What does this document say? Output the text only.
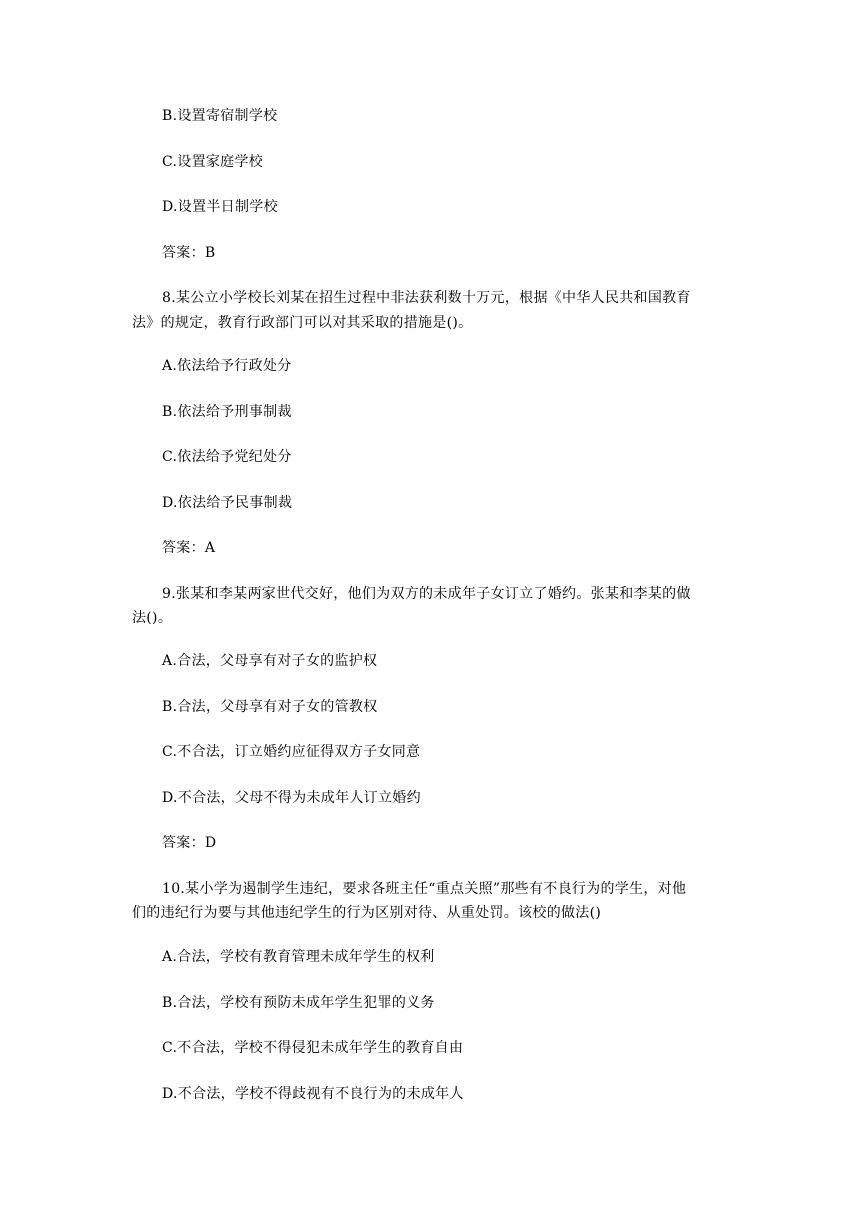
B.设置寄宿制学校
C.设置家庭学校
D.设置半日制学校
答案：B
8.某公立小学校长刘某在招生过程中非法获利数十万元，根据《中华人民共和国教育
法》的规定，教育行政部门可以对其采取的措施是()。
A.依法给予行政处分
B.依法给予刑事制裁
C.依法给予党纪处分
D.依法给予民事制裁
答案：A
9.张某和李某两家世代交好，他们为双方的未成年子女订立了婚约。张某和李某的做
法()。
A.合法，父母享有对子女的监护权
B.合法，父母享有对子女的管教权
C.不合法，订立婚约应征得双方子女同意
D.不合法，父母不得为未成年人订立婚约
答案：D
10.某小学为遏制学生违纪，要求各班主任“重点关照”那些有不良行为的学生，对他
们的违纪行为要与其他违纪学生的行为区别对待、从重处罚。该校的做法()
A.合法，学校有教育管理未成年学生的权利
B.合法，学校有预防未成年学生犯罪的义务
C.不合法，学校不得侵犯未成年学生的教育自由
D.不合法，学校不得歧视有不良行为的未成年人
